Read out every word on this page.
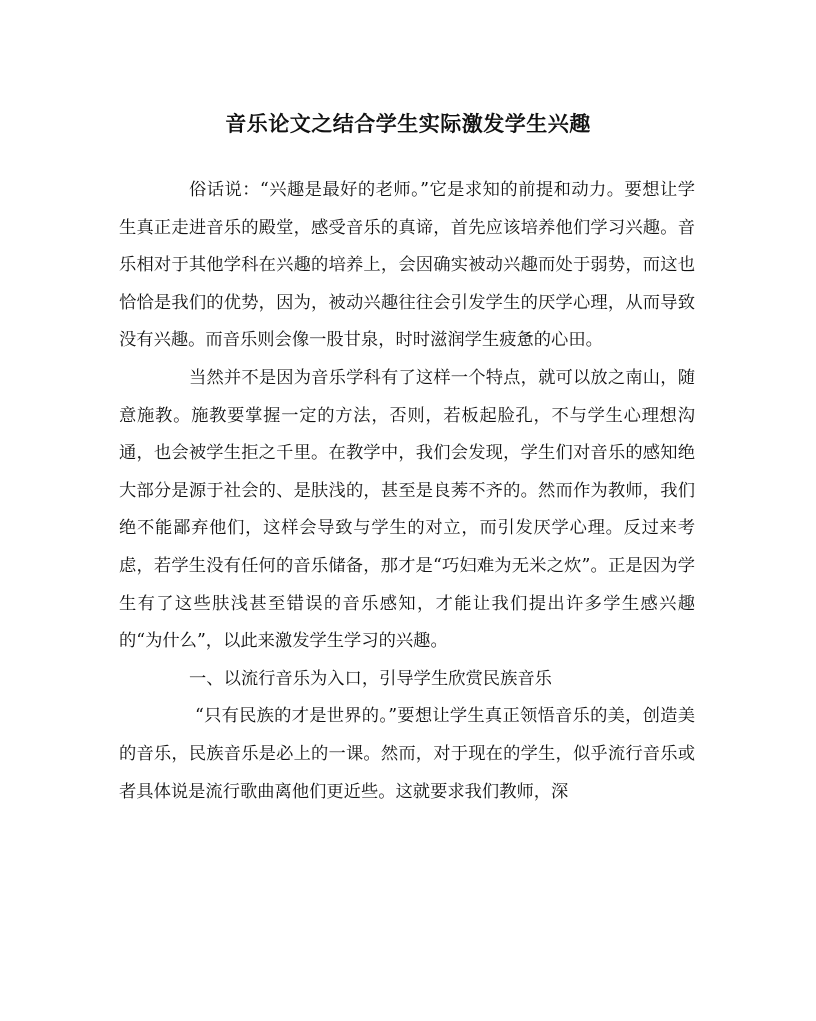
音乐论文之结合学生实际激发学生兴趣

俗话说：“兴趣是最好的老师。”它是求知的前提和动力。要想让学生真正走进音乐的殿堂，感受音乐的真谛，首先应该培养他们学习兴趣。音乐相对于其他学科在兴趣的培养上，会因确实被动兴趣而处于弱势，而这也恰恰是我们的优势，因为，被动兴趣往往会引发学生的厌学心理，从而导致没有兴趣。而音乐则会像一股甘泉，时时滋润学生疲惫的心田。

当然并不是因为音乐学科有了这样一个特点，就可以放之南山，随意施教。施教要掌握一定的方法，否则，若板起脸孔，不与学生心理想沟通，也会被学生拒之千里。在教学中，我们会发现，学生们对音乐的感知绝大部分是源于社会的、是肤浅的，甚至是良莠不齐的。然而作为教师，我们绝不能鄙弃他们，这样会导致与学生的对立，而引发厌学心理。反过来考虑，若学生没有任何的音乐储备，那才是“巧妇难为无米之炊”。正是因为学生有了这些肤浅甚至错误的音乐感知，才能让我们提出许多学生感兴趣的“为什么”，以此来激发学生学习的兴趣。

一、以流行音乐为入口，引导学生欣赏民族音乐

“只有民族的才是世界的。”要想让学生真正领悟音乐的美，创造美的音乐，民族音乐是必上的一课。然而，对于现在的学生，似乎流行音乐或者具体说是流行歌曲离他们更近些。这就要求我们教师，深
